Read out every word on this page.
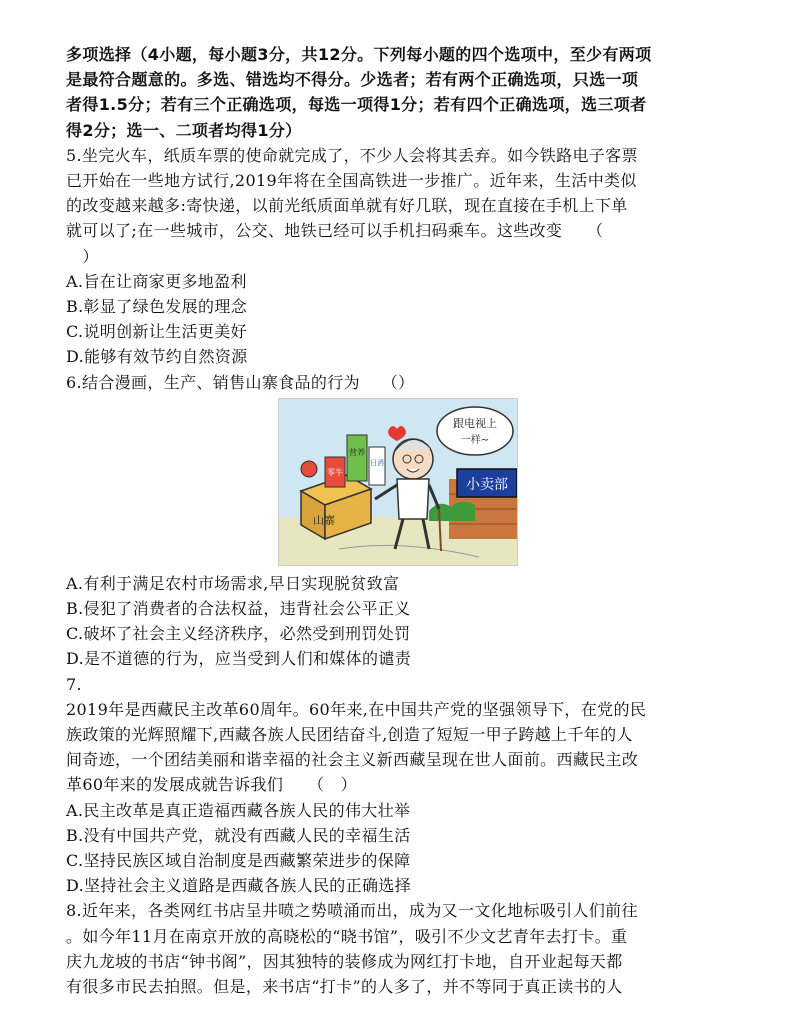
多项选择（4小题，每小题3分，共12分。下列每小题的四个选项中，至少有两项

是最符合题意的。多选、错选均不得分。少选者；若有两个正确选项，只选一项

者得1.5分；若有三个正确选项，每选一项得1分；若有四个正确选项，选三项者

得2分；选一、二项者均得1分）

5.坐完火车，纸质车票的使命就完成了，不少人会将其丢弃。如今铁路电子客票

已开始在一些地方试行,2019年将在全国高铁进一步推广。近年来，生活中类似

的改变越来越多:寄快递，以前光纸质面单就有好几联，现在直接在手机上下单

就可以了;在一些城市，公交、地铁已经可以手机扫码乘车。这些改变　　（

　）

A.旨在让商家更多地盈利

B.彰显了绿色发展的理念

C.说明创新让生活更美好

D.能够有效节约自然资源

6.结合漫画，生产、销售山寨食品的行为　 （）

小卖部
山寨
零牛
营养
日消
跟电视上
一样~

A.有利于满足农村市场需求,早日实现脱贫致富

B.侵犯了消费者的合法权益，违背社会公平正义

C.破坏了社会主义经济秩序，必然受到刑罚处罚

D.是不道德的行为，应当受到人们和媒体的谴责

7.

2019年是西藏民主改革60周年。60年来,在中国共产党的坚强领导下，在党的民

族政策的光辉照耀下,西藏各族人民团结奋斗,创造了短短一甲子跨越上千年的人

间奇迹，一个团结美丽和谐幸福的社会主义新西藏呈现在世人面前。西藏民主改

革60年来的发展成就告诉我们　　（　）

A.民主改革是真正造福西藏各族人民的伟大壮举

B.没有中国共产党，就没有西藏人民的幸福生活

C.坚持民族区域自治制度是西藏繁荣进步的保障

D.坚持社会主义道路是西藏各族人民的正确选择

8.近年来，各类网红书店呈井喷之势喷涌而出，成为又一文化地标吸引人们前往

。如今年11月在南京开放的高晓松的“晓书馆”，吸引不少文艺青年去打卡。重

庆九龙坡的书店“钟书阁”，因其独特的装修成为网红打卡地，自开业起每天都

有很多市民去拍照。但是，来书店“打卡”的人多了，并不等同于真正读书的人
